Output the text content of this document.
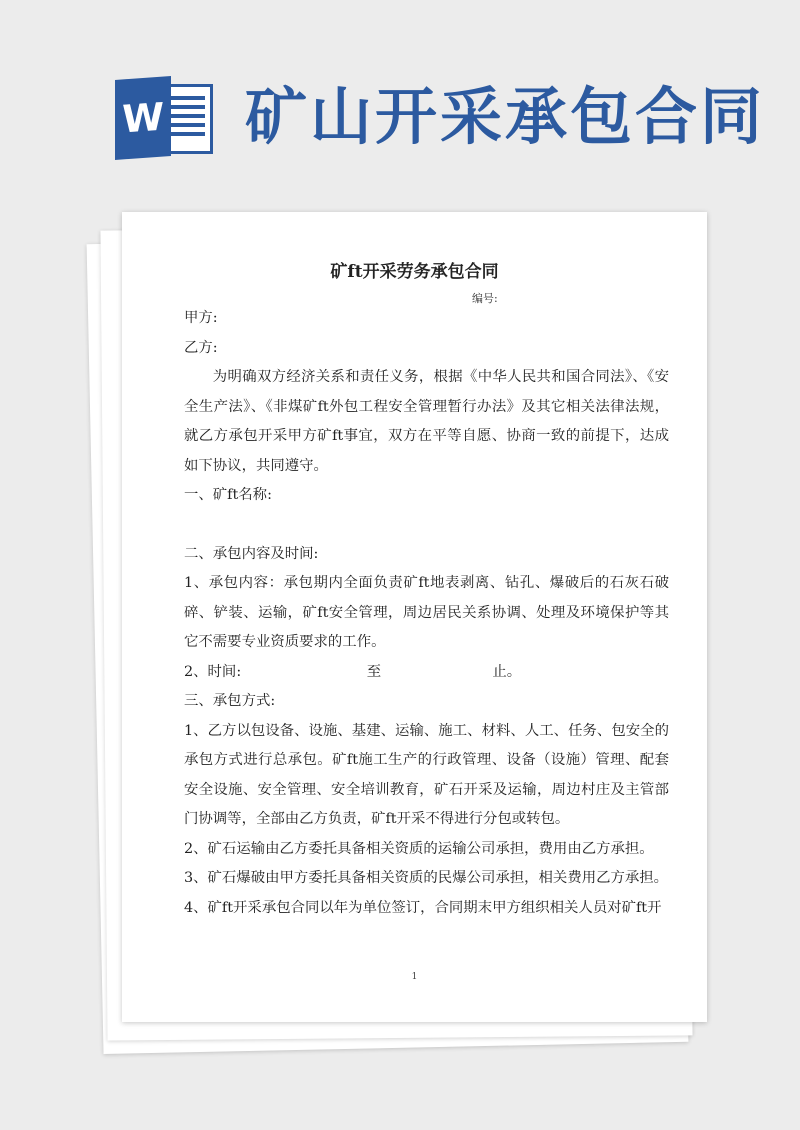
W 矿山开采承包合同
矿ft开采劳务承包合同
编号:

甲方:

乙方:

为明确双方经济关系和责任义务，根据《中华人民共和国合同法》、《安全生产法》、《非煤矿ft外包工程安全管理暂行办法》及其它相关法律法规，就乙方承包开采甲方矿ft事宜，双方在平等自愿、协商一致的前提下，达成如下协议，共同遵守。

一、矿ft名称:

二、承包内容及时间:

1、承包内容：承包期内全面负责矿ft地表剥离、钻孔、爆破后的石灰石破碎、铲装、运输，矿ft安全管理，周边居民关系协调、处理及环境保护等其它不需要专业资质要求的工作。

2、时间:	至	止。

三、承包方式:

1、乙方以包设备、设施、基建、运输、施工、材料、人工、任务、包安全的承包方式进行总承包。矿ft施工生产的行政管理、设备（设施）管理、配套安全设施、安全管理、安全培训教育，矿石开采及运输，周边村庄及主管部门协调等，全部由乙方负责，矿ft开采不得进行分包或转包。

2、矿石运输由乙方委托具备相关资质的运输公司承担，费用由乙方承担。

3、矿石爆破由甲方委托具备相关资质的民爆公司承担，相关费用乙方承担。

4、矿ft开采承包合同以年为单位签订，合同期末甲方组织相关人员对矿ft开

1
